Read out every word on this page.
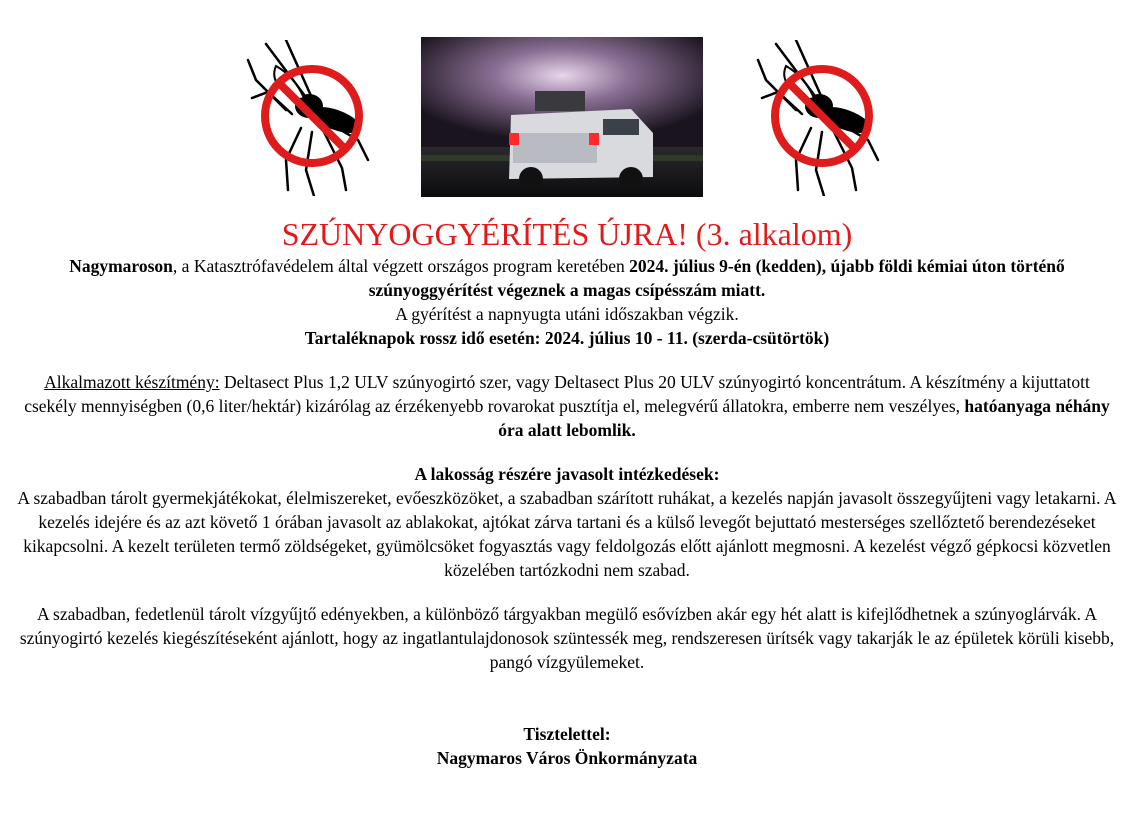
SZÚNYOGGYÉRÍTÉS ÚJRA! (3. alkalom)

Nagymaroson, a Katasztrófavédelem által végzett országos program keretében 2024. július 9-én (kedden), újabb földi kémiai úton történő szúnyoggyérítést végeznek a magas csípésszám miatt.

A gyérítést a napnyugta utáni időszakban végzik.

Tartaléknapok rossz idő esetén: 2024. július 10 - 11. (szerda-csütörtök)

Alkalmazott készítmény: Deltasect Plus 1,2 ULV szúnyogirtó szer, vagy Deltasect Plus 20 ULV szúnyogirtó koncentrátum. A készítmény a kijuttatott csekély mennyiségben (0,6 liter/hektár) kizárólag az érzékenyebb rovarokat pusztítja el, melegvérű állatokra, emberre nem veszélyes, hatóanyaga néhány óra alatt lebomlik.

A lakosság részére javasolt intézkedések:

A szabadban tárolt gyermekjátékokat, élelmiszereket, evőeszközöket, a szabadban szárított ruhákat, a kezelés napján javasolt összegyűjteni vagy letakarni. A kezelés idejére és az azt követő 1 órában javasolt az ablakokat, ajtókat zárva tartani és a külső levegőt bejuttató mesterséges szellőztető berendezéseket kikapcsolni. A kezelt területen termő zöldségeket, gyümölcsöket fogyasztás vagy feldolgozás előtt ajánlott megmosni. A kezelést végző gépkocsi közvetlen közelében tartózkodni nem szabad.

A szabadban, fedetlenül tárolt vízgyűjtő edényekben, a különböző tárgyakban megülő esővízben akár egy hét alatt is kifejlődhetnek a szúnyoglárvák. A szúnyogirtó kezelés kiegészítéseként ajánlott, hogy az ingatlantulajdonosok szüntessék meg, rendszeresen ürítsék vagy takarják le az épületek körüli kisebb, pangó vízgyülemeket.

Tisztelettel:

Nagymaros Város Önkormányzata
